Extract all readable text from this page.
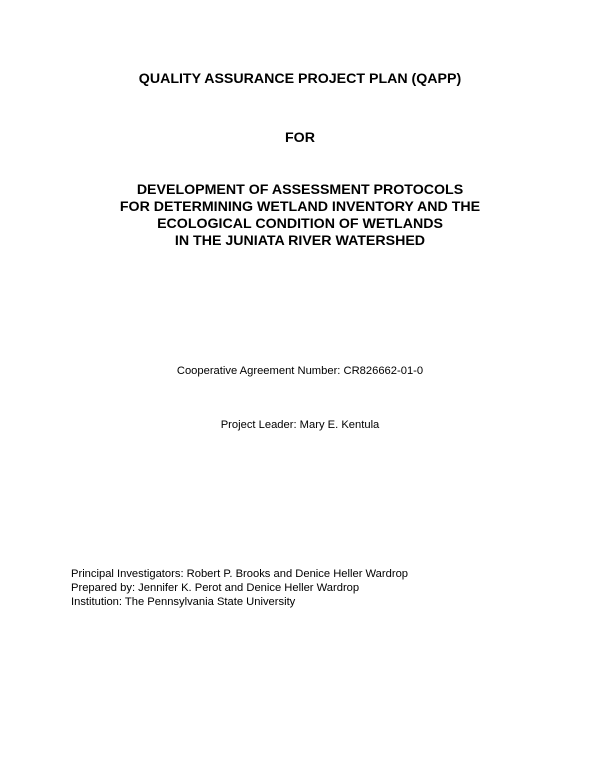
QUALITY ASSURANCE PROJECT PLAN (QAPP)
FOR
DEVELOPMENT OF ASSESSMENT PROTOCOLS
FOR DETERMINING WETLAND INVENTORY AND THE
ECOLOGICAL CONDITION OF WETLANDS
IN THE JUNIATA RIVER WATERSHED
Cooperative Agreement Number: CR826662-01-0
Project Leader: Mary E. Kentula
Principal Investigators: Robert P. Brooks and Denice Heller Wardrop
Prepared by: Jennifer K. Perot and Denice Heller Wardrop
Institution: The Pennsylvania State University
